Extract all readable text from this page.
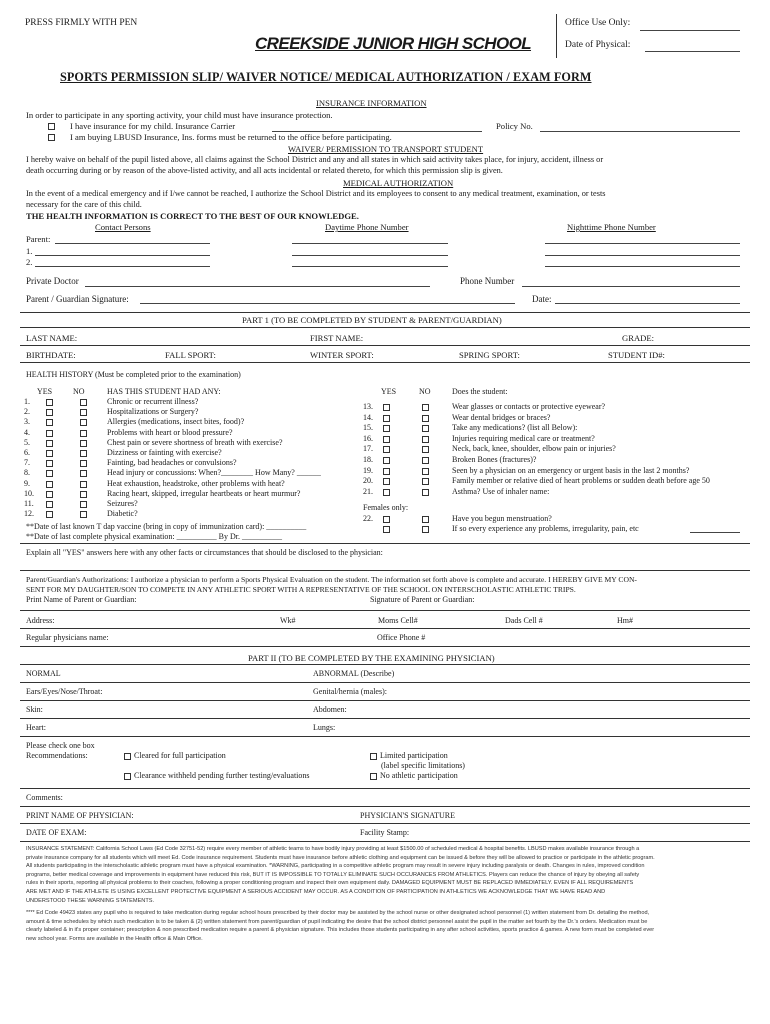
PRESS FIRMLY WITH PEN
CREEKSIDE JUNIOR HIGH SCHOOL
Office Use Only:
Date of Physical:
SPORTS PERMISSION SLIP/ WAIVER NOTICE/ MEDICAL AUTHORIZATION / EXAM FORM
INSURANCE INFORMATION
In order to participate in any sporting activity, your child must have insurance protection.
I have insurance for my child. Insurance Carrier	Policy No.
I am buying LBUSD Insurance, Ins. forms must be returned to the office before participating.
WAIVER/ PERMISSION TO TRANSPORT STUDENT
I hereby waive on behalf of the pupil listed above, all claims against the School District and any and all states in which said activity takes place, for injury, accident, illness or
death occurring during or by reason of the above-listed activity, and all acts incidental or related thereto, for which this permission slip is given.
MEDICAL AUTHORIZATION
In the event of a medical emergency and if I/we cannot be reached, I authorize the School District and its employees to consent to any medical treatment, examination, or tests
necessary for the care of this child.
THE HEALTH INFORMATION IS CORRECT TO THE BEST OF OUR KNOWLEDGE.
Contact Persons	Daytime Phone Number	Nighttime Phone Number
Parent:
1.
2.
Private Doctor	Phone Number
Parent / Guardian Signature:	Date:
PART 1 (TO BE COMPLETED BY STUDENT & PARENT/GUARDIAN)
LAST NAME:	FIRST NAME:	GRADE:
BIRTHDATE:	FALL SPORT:	WINTER SPORT:	SPRING SPORT:	STUDENT ID#:
HEALTH HISTORY (Must be completed prior to the examination)
YES	NO	HAS THIS STUDENT HAD ANY:	YES	NO	Does the student:
1.	Chronic or recurrent illness?
2.	Hospitalizations or Surgery?
3.	Allergies (medications, insect bites, food)?
4.	Problems with heart or blood pressure?
5.	Chest pain or severe shortness of breath with exercise?
6.	Dizziness or fainting with exercise?
7.	Fainting, bad headaches or convulsions?
8.	Head injury or concussions: When?________ How Many? ______
9.	Heat exhaustion, headstroke, other problems with heat?
10.	Racing heart, skipped, irregular heartbeats or heart murmur?
11.	Seizures?
12.	Diabetic?
13.	Wear glasses or contacts or protective eyewear?
14.	Wear dental bridges or braces?
15.	Take any medications? (list all Below):
16.	Injuries requiring medical care or treatment?
17.	Neck, back, knee, shoulder, elbow pain or injuries?
18.	Broken Bones (fractures)?
19.	Seen by a physician on an emergency or urgent basis in the last 2 months?
20.	Family member or relative died of heart problems or sudden death before age 50
21.	Asthma? Use of inhaler name:
**Date of last known T dap vaccine (bring in copy of immunization card): __________
**Date of last complete physical examination: __________ By Dr. __________
Females only:
22.	Have you begun menstruation?
If so every experience any problems, irregularity, pain, etc
Explain all "YES" answers here with any other facts or circumstances that should be disclosed to the physician:
Parent/Guardian's Authorizations: I authorize a physician to perform a Sports Physical Evaluation on the student. The information set forth above is complete and accurate. I HEREBY GIVE MY CON-
SENT FOR MY DAUGHTER/SON TO COMPETE IN ANY ATHLETIC SPORT WITH A REPRESENTATIVE OF THE SCHOOL ON INTERSCHOLASTIC ATHLETIC TRIPS.
Print Name of Parent or Guardian:	Signature of Parent or Guardian:
Address:	Wk#	Moms Cell#	Dads Cell #	Hm#
Regular physicians name:	Office Phone #
PART II (TO BE COMPLETED BY THE EXAMINING PHYSICIAN)
NORMAL	ABNORMAL (Describe)
Ears/Eyes/Nose/Throat:	Genital/hernia (males):
Skin:	Abdomen:
Heart:	Lungs:
Please check one box
Recommendations:	Cleared for full participation	Limited participation
(label specific limitations)
Clearance withheld pending further testing/evaluations	No athletic participation
Comments:
PRINT NAME OF PHYSICIAN:	PHYSICIAN'S SIGNATURE
DATE OF EXAM:	Facility Stamp:
INSURANCE STATEMENT: California School Laws (Ed Code 32751-52) require every member of athletic teams to have bodily injury providing at least $1500.00 of scheduled medical & hospital benefits. LBUSD makes available insurance through a
private insurance company for all students which will meet Ed. Code insurance requirement. Students must have insurance before athletic clothing and equipment can be issued & before they will be allowed to practice or participate in the athletic program.
All students participating in the interscholastic athletic program must have a physical examination. *WARNING, participating in a competitive athletic program may result in severe injury including paralysis or death. Changes in rules, improved condition
programs, better medical coverage and improvements in equipment have reduced this risk, BUT IT IS IMPOSSIBLE TO TOTALLY ELIMINATE SUCH OCCURANCES FROM ATHLETICS. Players can reduce the chance of injury by obeying all safety
rules in their sports, reporting all physical problems to their coaches, following a proper conditioning program and inspect their own equipment daily. DAMAGED EQUIPMENT MUST BE REPLACED IMMEDIATELY. EVEN IF ALL REQUIREMENTS
ARE MET AND IF THE ATHLETE IS USING EXCELLENT PROTECTIVE EQUIPMENT A SERIOUS ACCIDENT MAY OCCUR. AS A CONDITION OF PARTICIPATION IN ATHLETICS WE ACKNOWLEDGE THAT WE HAVE READ AND
UNDERSTOOD THESE WARNING STATEMENTS.
**** Ed Code 49423 states any pupil who is required to take medication during regular school hours prescribed by their doctor may be assisted by the school nurse or other designated school personnel (1) written statement from Dr. detailing the method,
amount & time schedules by which such medication is to be taken & (2) written statement from parent/guardian of pupil indicating the desire that the school district personnel assist the pupil in the matter set fourth by the Dr.'s orders. Medication must be
clearly labeled & in it's proper container; prescription & non prescribed medication require a parent & physician signature. This includes those students participating in any after school activities, sports practice & games. A new form must be completed ever
new school year. Forms are available in the Health office & Main Office.
